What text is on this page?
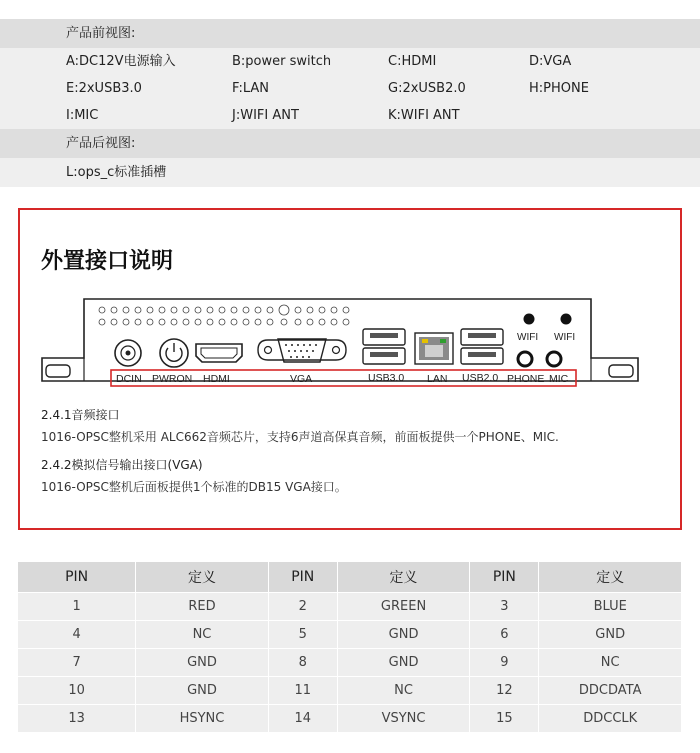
产品前视图:
A:DC12V电源输入	B:power switch	C:HDMI	D:VGA
E:2xUSB3.0	F:LAN	G:2xUSB2.0	H:PHONE
I:MIC	J:WIFI ANT	K:WIFI ANT
产品后视图:
L:ops_c标准插槽
外置接口说明
DCIN PWRON HDMI	VGA	USB3.0 LAN USB2.0 PHONE MIC
WIFI WIFI
2.4.1音频接口
1016-OPSC整机采用 ALC662音频芯片，支持6声道高保真音频，前面板提供一个PHONE、MIC.
2.4.2模拟信号输出接口(VGA)
1016-OPSC整机后面板提供1个标准的DB15 VGA接口。
PIN	定义	PIN	定义	PIN	定义
1	RED	2	GREEN	3	BLUE
4	NC	5	GND	6	GND
7	GND	8	GND	9	NC
10	GND	11	NC	12	DDCDATA
13	HSYNC	14	VSYNC	15	DDCCLK
